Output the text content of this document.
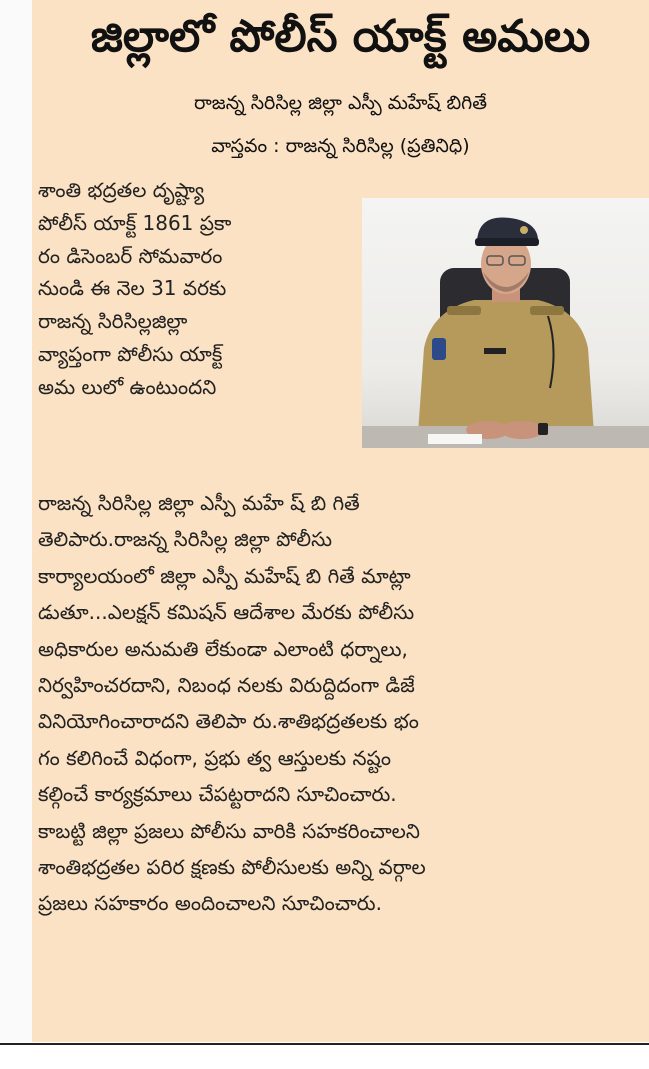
జిల్లాలో పోలీస్ యాక్ట్ అమలు
రాజన్న సిరిసిల్ల జిల్లా ఎస్పీ మహేష్ బిగితే
వాస్తవం : రాజన్న సిరిసిల్ల (ప్రతినిధి)
శాంతి భద్రతల దృష్ట్యా
పోలీస్ యాక్ట్ 1861 ప్రకా
రం డిసెంబర్ సోమవారం
నుండి ఈ నెల 31 వరకు
రాజన్న సిరిసిల్లజిల్లా
వ్యాప్తంగా పోలీసు యాక్ట్
అమ లులో ఉంటుందని
రాజన్న సిరిసిల్ల జిల్లా ఎస్పీ మహే ష్ బి గితే
తెలిపారు.రాజన్న సిరిసిల్ల జిల్లా పోలీసు
కార్యాలయంలో జిల్లా ఎస్పీ మహేష్ బి గితే మాట్లా
డుతూ...ఎలక్షన్ కమిషన్ ఆదేశాల మేరకు పోలీసు
అధికారుల అనుమతి లేకుండా ఎలాంటి ధర్నాలు,
నిర్వహించరదాని, నిబంధ నలకు విరుద్దిదంగా డిజే
వినియోగించారాదని తెలిపా రు.శాతిభద్రతలకు భం
గం కలిగించే విధంగా, ప్రభు త్వ ఆస్తులకు నష్టం
కల్గించే కార్యక్రమాలు చేపట్టరాదని సూచించారు.
కాబట్టి జిల్లా ప్రజలు పోలీసు వారికి సహకరించాలని
శాంతిభద్రతల పరిర క్షణకు పోలీసులకు అన్ని వర్గాల
ప్రజలు సహకారం అందించాలని సూచించారు.
